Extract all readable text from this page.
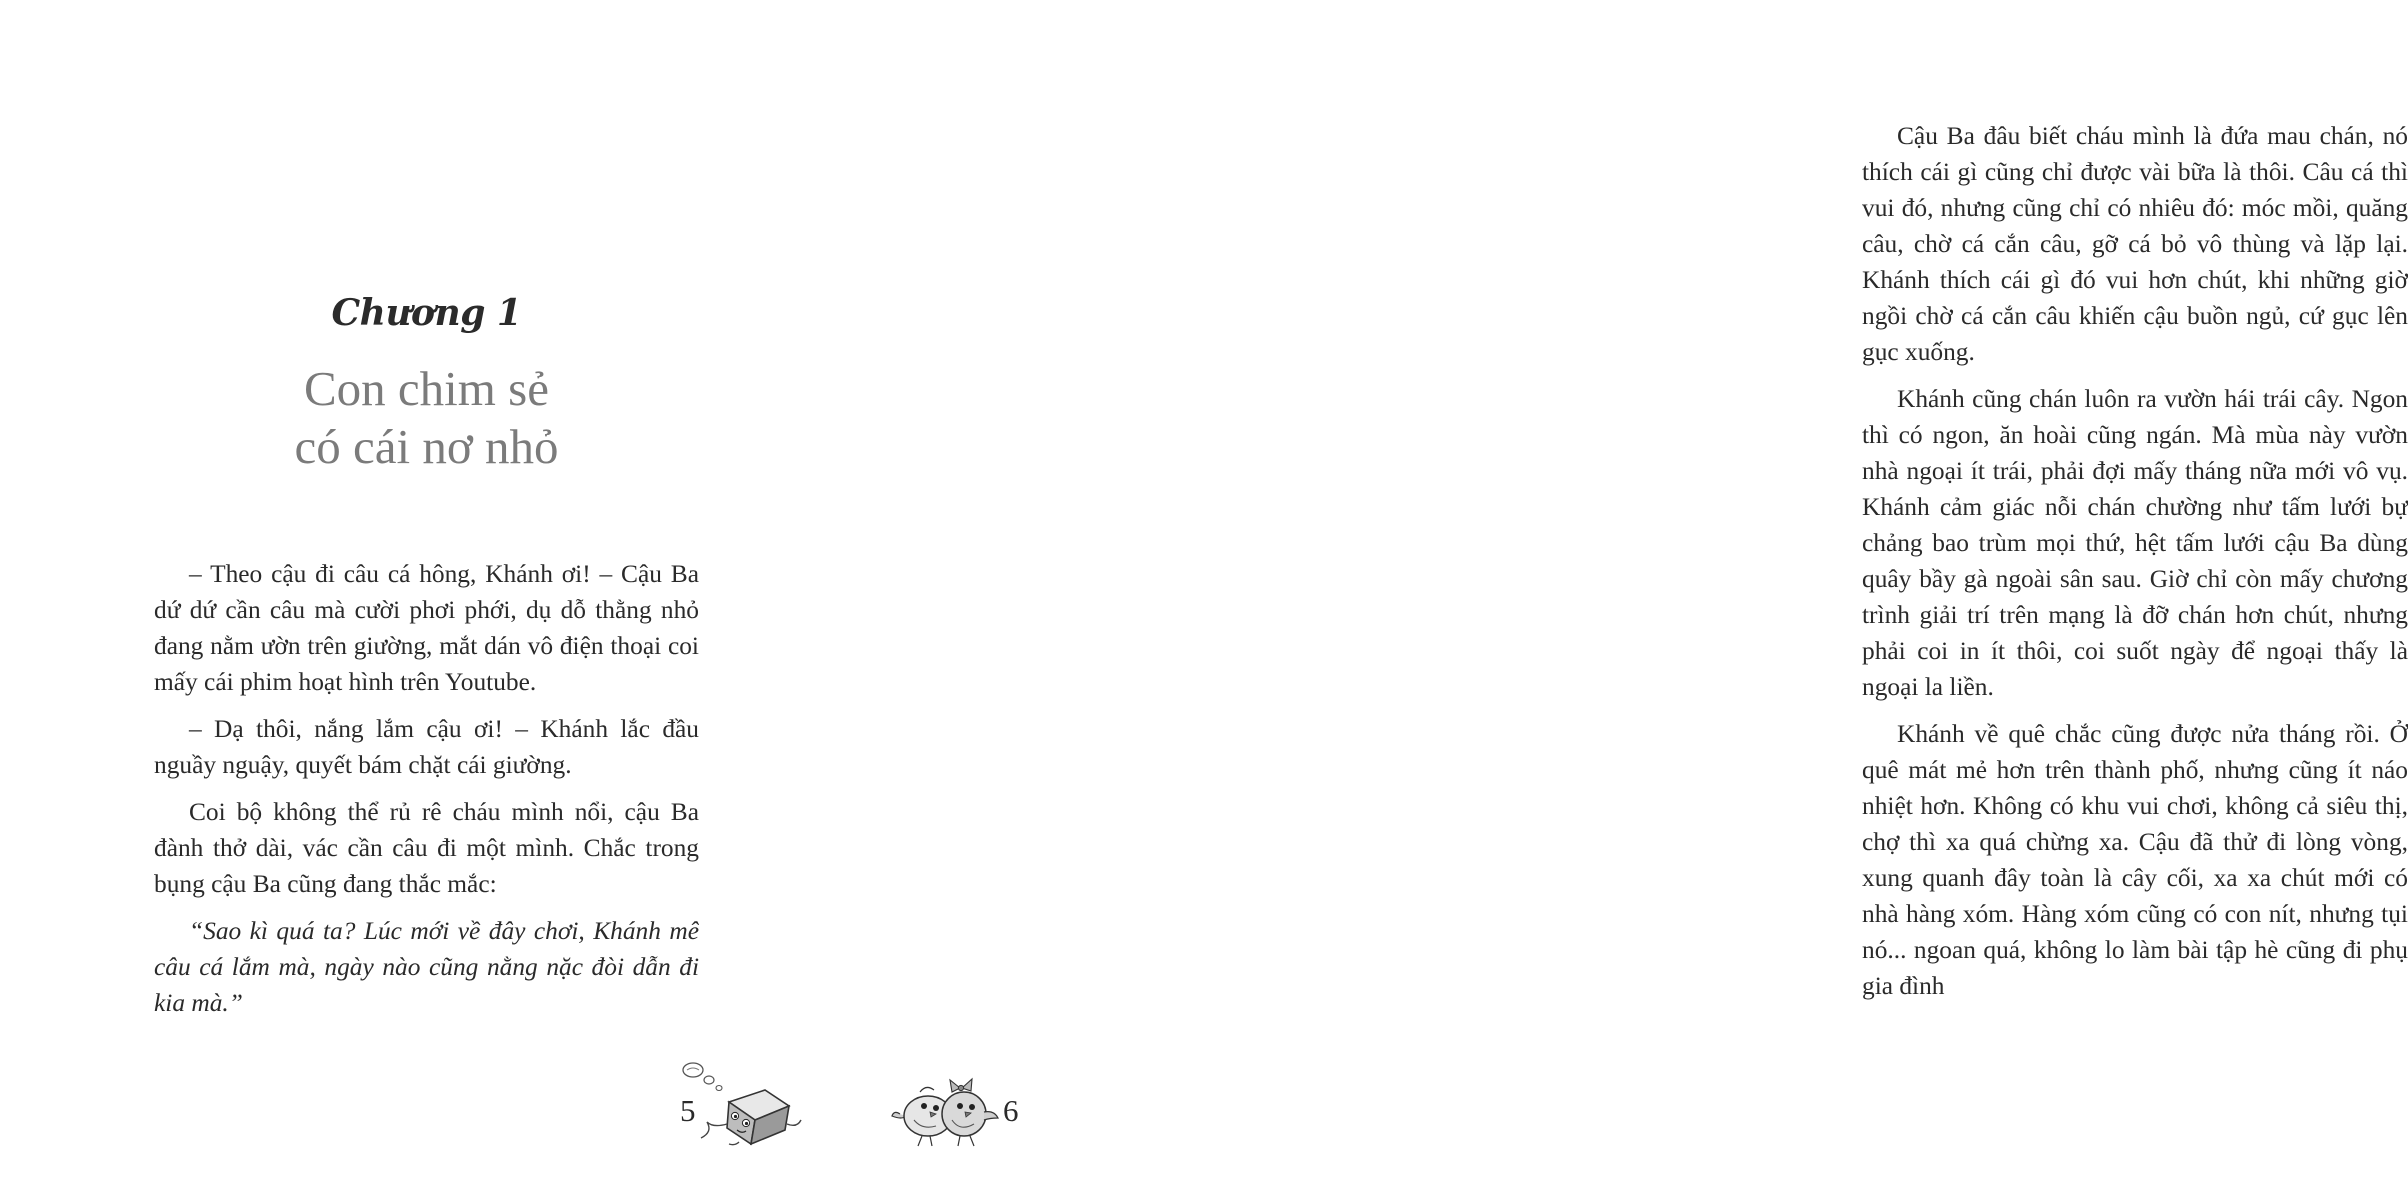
Chương 1
Con chim sẻ
có cái nơ nhỏ

– Theo cậu đi câu cá hông, Khánh ơi! – Cậu Ba dứ dứ cần câu mà cười phơi phới, dụ dỗ thằng nhỏ đang nằm ườn trên giường, mắt dán vô điện thoại coi mấy cái phim hoạt hình trên Youtube.

– Dạ thôi, nắng lắm cậu ơi! – Khánh lắc đầu nguầy nguậy, quyết bám chặt cái giường.

Coi bộ không thể rủ rê cháu mình nổi, cậu Ba đành thở dài, vác cần câu đi một mình. Chắc trong bụng cậu Ba cũng đang thắc mắc:

“Sao kì quá ta? Lúc mới về đây chơi, Khánh mê câu cá lắm mà, ngày nào cũng nằng nặc đòi dẫn đi kia mà.”

5

Cậu Ba đâu biết cháu mình là đứa mau chán, nó thích cái gì cũng chỉ được vài bữa là thôi. Câu cá thì vui đó, nhưng cũng chỉ có nhiêu đó: móc mồi, quăng câu, chờ cá cắn câu, gỡ cá bỏ vô thùng và lặp lại. Khánh thích cái gì đó vui hơn chút, khi những giờ ngồi chờ cá cắn câu khiến cậu buồn ngủ, cứ gục lên gục xuống.

Khánh cũng chán luôn ra vườn hái trái cây. Ngon thì có ngon, ăn hoài cũng ngán. Mà mùa này vườn nhà ngoại ít trái, phải đợi mấy tháng nữa mới vô vụ. Khánh cảm giác nỗi chán chường như tấm lưới bự chảng bao trùm mọi thứ, hệt tấm lưới cậu Ba dùng quây bầy gà ngoài sân sau. Giờ chỉ còn mấy chương trình giải trí trên mạng là đỡ chán hơn chút, nhưng phải coi in ít thôi, coi suốt ngày để ngoại thấy là ngoại la liền.

Khánh về quê chắc cũng được nửa tháng rồi. Ở quê mát mẻ hơn trên thành phố, nhưng cũng ít náo nhiệt hơn. Không có khu vui chơi, không cả siêu thị, chợ thì xa quá chừng xa. Cậu đã thử đi lòng vòng, xung quanh đây toàn là cây cối, xa xa chút mới có nhà hàng xóm. Hàng xóm cũng có con nít, nhưng tụi nó... ngoan quá, không lo làm bài tập hè cũng đi phụ gia đình

6
